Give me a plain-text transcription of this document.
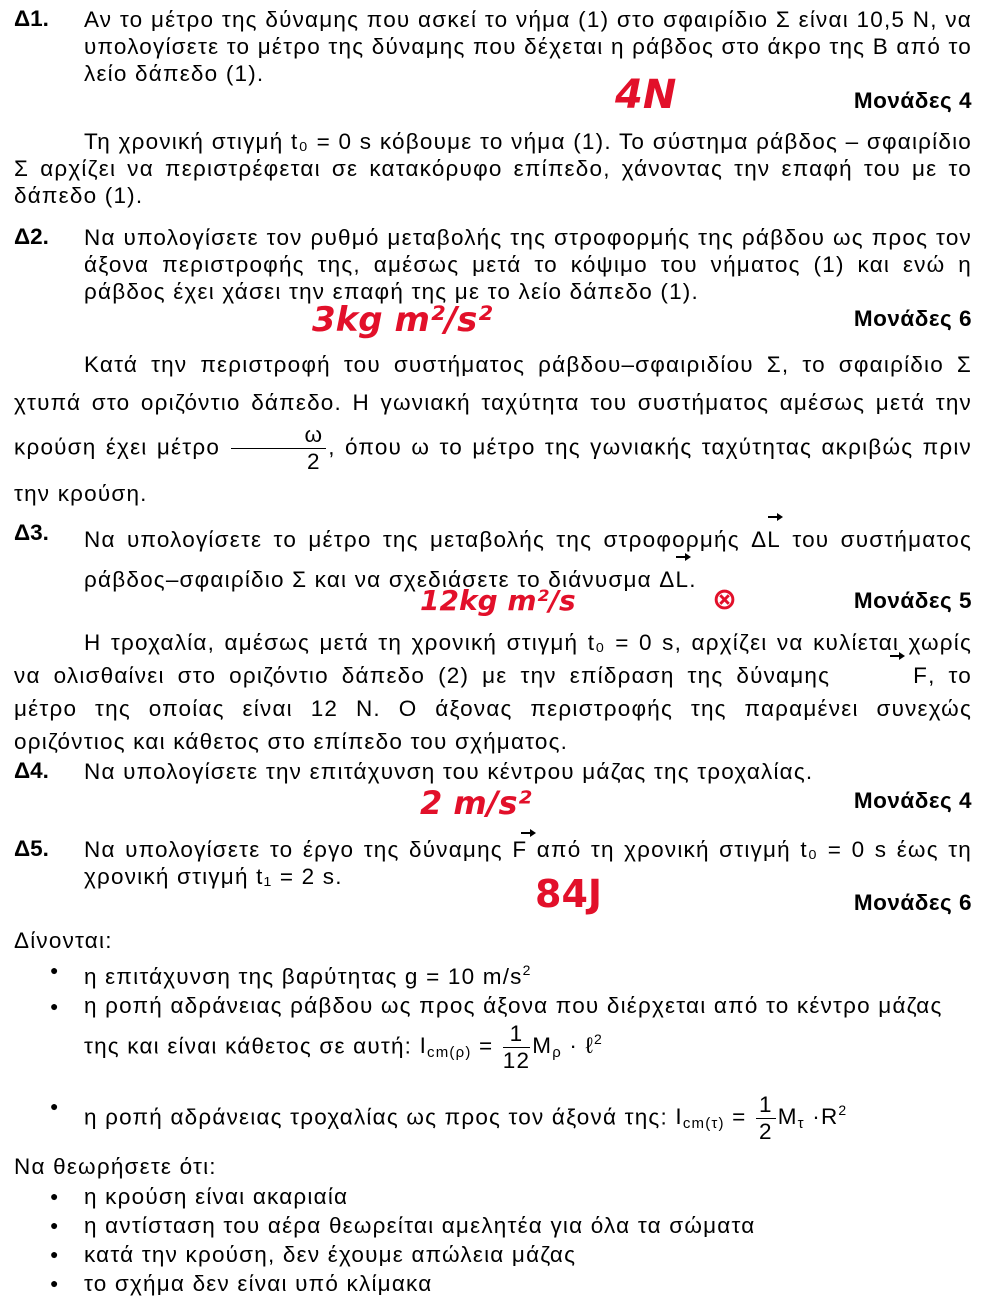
Δ1. Αν το μέτρο της δύναμης που ασκεί το νήμα (1) στο σφαιρίδιο Σ είναι 10,5 Ν, να υπολογίσετε το μέτρο της δύναμης που δέχεται η ράβδος στο άκρο της Β από το λείο δάπεδο (1).	4N	Μονάδες 4
Τη χρονική στιγμή t₀ = 0 s κόβουμε το νήμα (1). Το σύστημα ράβδος – σφαιρίδιο Σ αρχίζει να περιστρέφεται σε κατακόρυφο επίπεδο, χάνοντας την επαφή του με το δάπεδο (1).
Δ2. Να υπολογίσετε τον ρυθμό μεταβολής της στροφορμής της ράβδου ως προς τον άξονα περιστροφής της, αμέσως μετά το κόψιμο του νήματος (1) και ενώ η ράβδος έχει χάσει την επαφή της με το λείο δάπεδο (1).
3kg m²/s²	Μονάδες 6
Κατά την περιστροφή του συστήματος ράβδου–σφαιριδίου Σ, το σφαιρίδιο Σ χτυπά στο οριζόντιο δάπεδο. Η γωνιακή ταχύτητα του συστήματος αμέσως μετά την κρούση έχει μέτρο $\frac{\omega}{2}$ , όπου ω το μέτρο της γωνιακής ταχύτητας ακριβώς πριν την κρούση.
Δ3. Να υπολογίσετε το μέτρο της μεταβολής της στροφορμής ΔL του συστήματος ράβδος–σφαιρίδιο Σ και να σχεδιάσετε το διάνυσμα ΔL.
12kg m²/s	⊗	Μονάδες 5
Η τροχαλία, αμέσως μετά τη χρονική στιγμή t₀ = 0 s, αρχίζει να κυλίεται χωρίς να ολισθαίνει στο οριζόντιο δάπεδο (2) με την επίδραση της δύναμης	F, το μέτρο της οποίας είναι 12 Ν. Ο άξονας περιστροφής της παραμένει συνεχώς οριζόντιος και κάθετος στο επίπεδο του σχήματος.
Δ4. Να υπολογίσετε την επιτάχυνση του κέντρου μάζας της τροχαλίας.
2 m/s²	Μονάδες 4
Δ5. Να υπολογίσετε το έργο της δύναμης F από τη χρονική στιγμή t₀ = 0 s έως τη χρονική στιγμή t₁ = 2 s.	84J	Μονάδες 6
Δίνονται:
● η επιτάχυνση της βαρύτητας g = 10 $m/s^2$
● η ροπή αδράνειας ράβδου ως προς άξονα που διέρχεται από το κέντρο μάζας της και είναι κάθετος σε αυτή: $I_{cm(\rho)} = \frac{1}{12} M_\rho$ · ℓ$^2$
● η ροπή αδράνειας τροχαλίας ως προς τον άξονά της: $I_{cm(\tau)} = \frac{1}{2} M_\tau \cdot R^2$
Να θεωρήσετε ότι:
● η κρούση είναι ακαριαία
● η αντίσταση του αέρα θεωρείται αμελητέα για όλα τα σώματα
● κατά την κρούση, δεν έχουμε απώλεια μάζας
● το σχήμα δεν είναι υπό κλίμακα
